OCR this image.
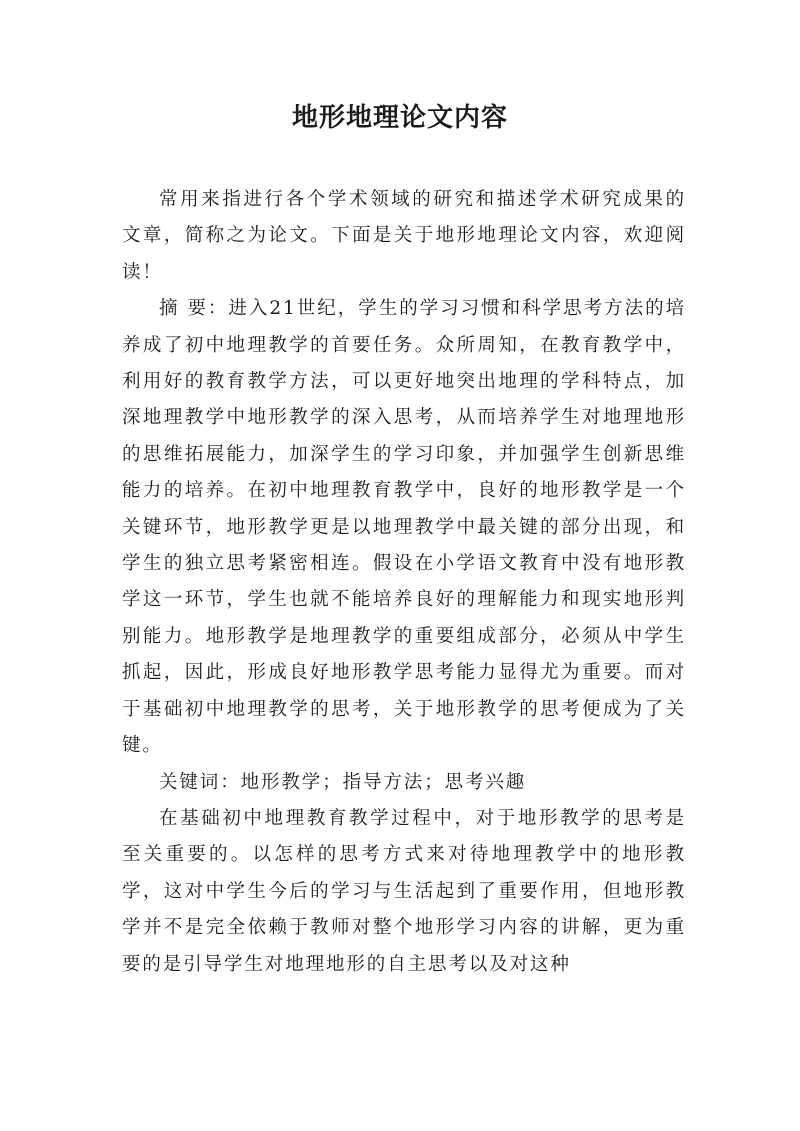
地形地理论文内容

常用来指进行各个学术领域的研究和描述学术研究成果的文章，简称之为论文。下面是关于地形地理论文内容，欢迎阅读！

摘 要：进入21世纪，学生的学习习惯和科学思考方法的培养成了初中地理教学的首要任务。众所周知，在教育教学中，利用好的教育教学方法，可以更好地突出地理的学科特点，加深地理教学中地形教学的深入思考，从而培养学生对地理地形的思维拓展能力，加深学生的学习印象，并加强学生创新思维能力的培养。在初中地理教育教学中，良好的地形教学是一个关键环节，地形教学更是以地理教学中最关键的部分出现，和学生的独立思考紧密相连。假设在小学语文教育中没有地形教学这一环节，学生也就不能培养良好的理解能力和现实地形判别能力。地形教学是地理教学的重要组成部分，必须从中学生抓起，因此，形成良好地形教学思考能力显得尤为重要。而对于基础初中地理教学的思考，关于地形教学的思考便成为了关键。

关键词：地形教学；指导方法；思考兴趣

在基础初中地理教育教学过程中，对于地形教学的思考是至关重要的。以怎样的思考方式来对待地理教学中的地形教学，这对中学生今后的学习与生活起到了重要作用，但地形教学并不是完全依赖于教师对整个地形学习内容的讲解，更为重要的是引导学生对地理地形的自主思考以及对这种
